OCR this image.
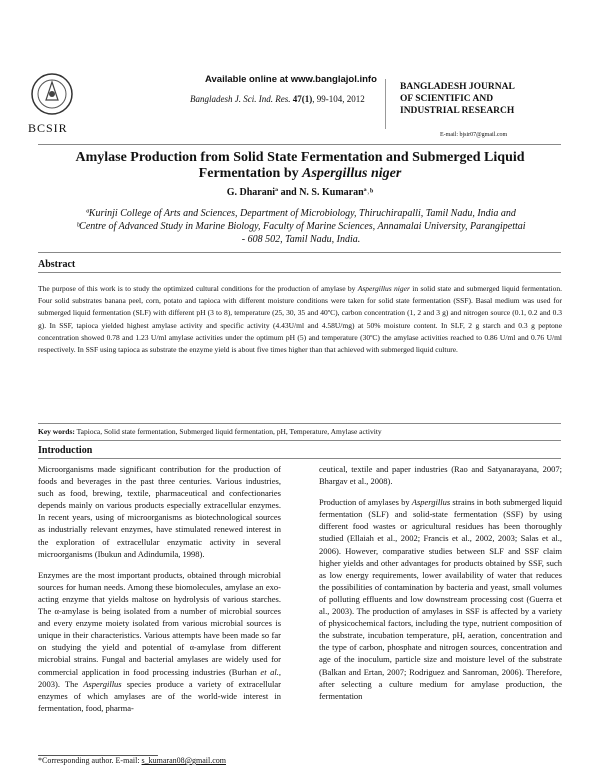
BCSIR
Available online at www.banglajol.info
Bangladesh J. Sci. Ind. Res. 47(1), 99-104, 2012
BANGLADESH JOURNAL
OF SCIENTIFIC AND
INDUSTRIAL RESEARCH
E-mail: bjsir07@gmail.com
Amylase Production from Solid State Fermentation and Submerged Liquid
Fermentation by Aspergillus niger
G. Dharaniª and N. S. Kumaranª˒ᵇ
ªKurinji College of Arts and Sciences, Department of Microbiology, Thiruchirapalli, Tamil Nadu, India and
ᵇCentre of Advanced Study in Marine Biology, Faculty of Marine Sciences, Annamalai University, Parangipettai
- 608 502, Tamil Nadu, India.
Abstract
The purpose of this work is to study the optimized cultural conditions for the production of amylase by Aspergillus niger in solid state and submerged liquid fermentation. Four solid substrates banana peel, corn, potato and tapioca with different moisture conditions were taken for solid state fermentation (SSF). Basal medium was used for submerged liquid fermentation (SLF) with different pH (3 to 8), temperature (25, 30, 35 and 40ºC), carbon concentration (1, 2 and 3 g) and nitrogen source (0.1, 0.2 and 0.3 g). In SSF, tapioca yielded highest amylase activity and specific activity (4.43U/ml and 4.58U/mg) at 50% moisture content. In SLF, 2 g starch and 0.3 g peptone concentration showed 0.78 and 1.23 U/ml amylase activities under the optimum pH (5) and temperature (30ºC) the amylase activities reached to 0.86 U/ml and 0.76 U/ml respectively. In SSF using tapioca as substrate the enzyme yield is about five times higher than that achieved with submerged liquid culture.
Key words: Tapioca, Solid state fermentation, Submerged liquid fermentation, pH, Temperature, Amylase activity
Introduction

Microorganisms made significant contribution for the production of foods and beverages in the past three centuries. Various industries, such as food, brewing, textile, pharmaceutical and confectionaries depends mainly on various products especially extracellular enzymes. In recent years, using of microorganisms as biotechnological sources as industrially relevant enzymes, have stimulated renewed interest in the exploration of extracellular enzymatic activity in several microorganisms (Ibukun and Adindumila, 1998).

Enzymes are the most important products, obtained through microbial sources for human needs. Among these biomolecules, amylase an exo-acting enzyme that yields maltose on hydrolysis of various starches. The α-amylase is being isolated from a number of microbial sources and every enzyme moiety isolated from various microbial sources is unique in their characteristics. Various attempts have been made so far on studying the yield and potential of α-amylase from different microbial strains. Fungal and bacterial amylases are widely used for commercial application in food processing industries (Burhan et al., 2003). The Aspergillus species produce a variety of extracellular enzymes of which amylases are of the world-wide interest in fermentation, food, pharma-

ceutical, textile and paper industries (Rao and Satyanarayana, 2007; Bhargav et al., 2008).

Production of amylases by Aspergillus strains in both submerged liquid fermentation (SLF) and solid-state fermentation (SSF) by using different food wastes or agricultural residues has been thoroughly studied (Ellaiah et al., 2002; Francis et al., 2002, 2003; Salas et al., 2006). However, comparative studies between SLF and SSF claim higher yields and other advantages for products obtained by SSF, such as low energy requirements, lower availability of water that reduces the possibilities of contamination by bacteria and yeast, small volumes of polluting effluents and low downstream processing cost (Guerra et al., 2003). The production of amylases in SSF is affected by a variety of physicochemical factors, including the type, nutrient composition of the substrate, incubation temperature, pH, aeration, concentration and the type of carbon, phosphate and nitrogen sources, concentration and age of the inoculum, particle size and moisture level of the substrate (Balkan and Ertan, 2007; Rodriguez and Sanroman, 2006). Therefore, after selecting a culture medium for amylase production, the fermentation

*Corresponding author. E-mail: s_kumaran08@gmail.com
